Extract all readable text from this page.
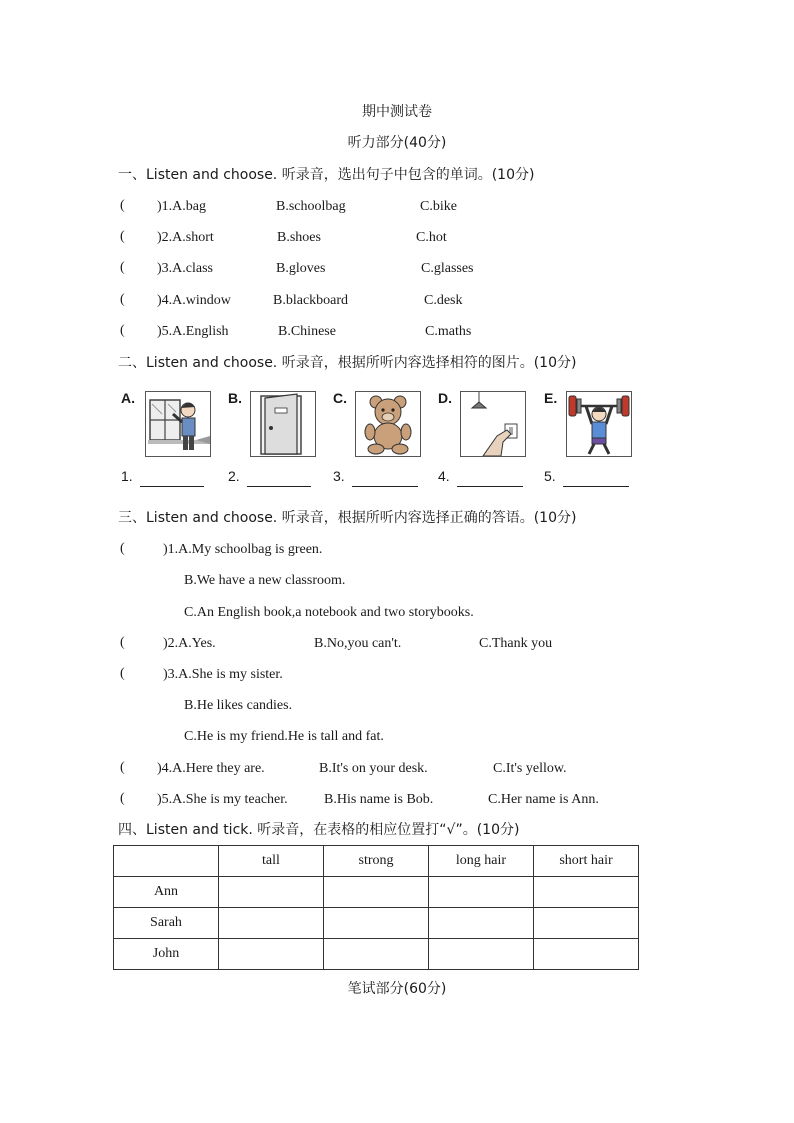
期中测试卷
听力部分(40分)
一、Listen and choose. 听录音，选出句子中包含的单词。(10分)
( )1.A.bag	B.schoolbag	C.bike
( )2.A.short	B.shoes	C.hot
( )3.A.class	B.gloves	C.glasses
( )4.A.window	B.blackboard	C.desk
( )5.A.English	B.Chinese	C.maths
二、Listen and choose. 听录音，根据所听内容选择相符的图片。(10分)
A.	B.	C.	D.	E.
1.	2.	3.	4.	5.
三、Listen and choose. 听录音，根据所听内容选择正确的答语。(10分)
(	)1.A.My schoolbag is green.
B.We have a new classroom.
C.An English book,a notebook and two storybooks.
(	)2.A.Yes.	B.No,you can't.	C.Thank you
(	)3.A.She is my sister.
B.He likes candies.
C.He is my friend.He is tall and fat.
( )4.A.Here they are.	B.It's on your desk.	C.It's yellow.
( )5.A.She is my teacher.	B.His name is Bob.	C.Her name is Ann.
四、Listen and tick. 听录音，在表格的相应位置打“√”。(10分)
	tall	strong	long hair	short hair
Ann				
Sarah				
John				
笔试部分(60分)
